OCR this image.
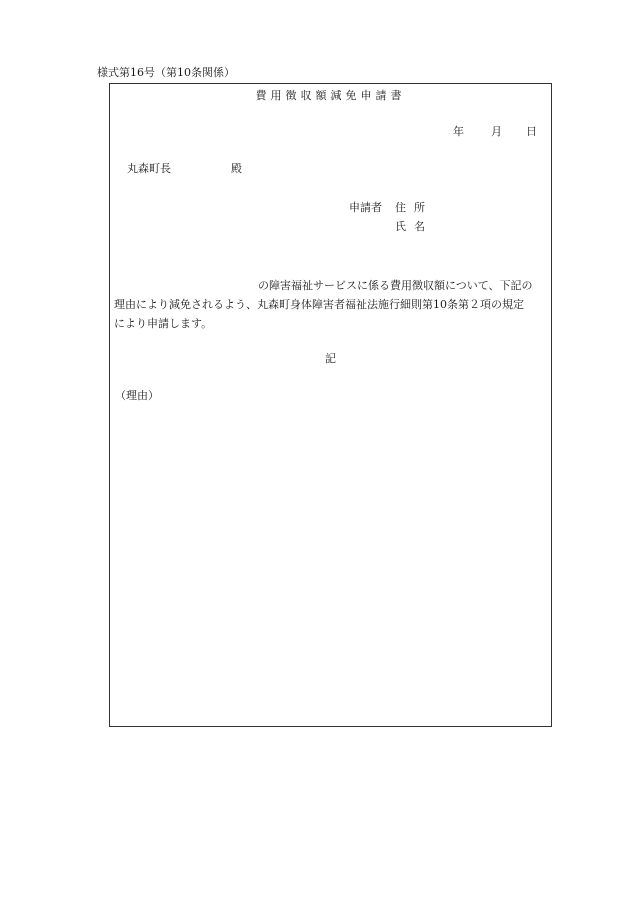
様式第16号（第10条関係）
費用徴収額減免申請書
年 月 日
丸森町長	殿
申請者 住所
氏名
の障害福祉サービスに係る費用徴収額について、下記の
理由により減免されるよう、丸森町身体障害者福祉法施行細則第10条第２項の規定
により申請します。
記
（理由）
